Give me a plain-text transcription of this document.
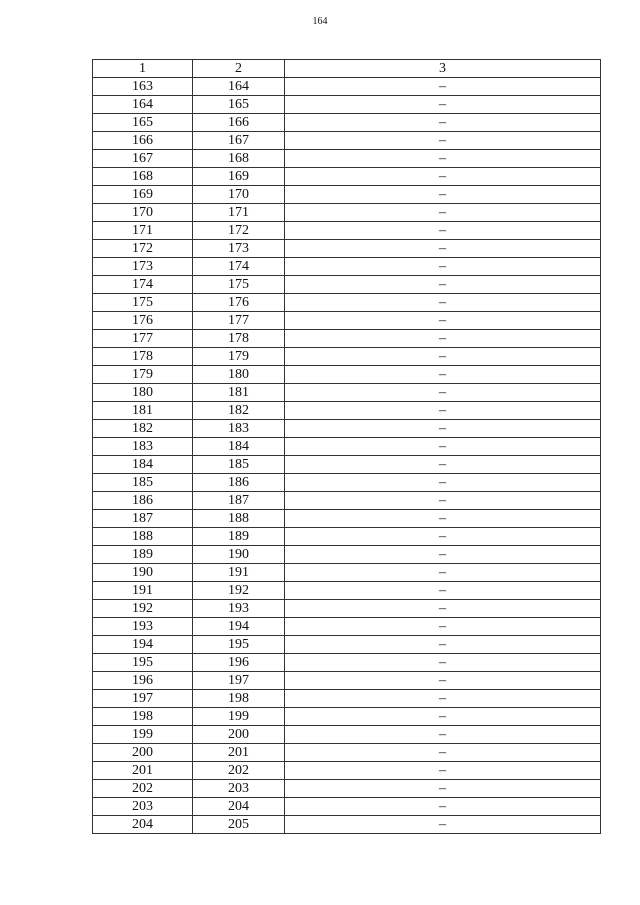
164
1	2	3
163	164	–
164	165	–
165	166	–
166	167	–
167	168	–
168	169	–
169	170	–
170	171	–
171	172	–
172	173	–
173	174	–
174	175	–
175	176	–
176	177	–
177	178	–
178	179	–
179	180	–
180	181	–
181	182	–
182	183	–
183	184	–
184	185	–
185	186	–
186	187	–
187	188	–
188	189	–
189	190	–
190	191	–
191	192	–
192	193	–
193	194	–
194	195	–
195	196	–
196	197	–
197	198	–
198	199	–
199	200	–
200	201	–
201	202	–
202	203	–
203	204	–
204	205	–
